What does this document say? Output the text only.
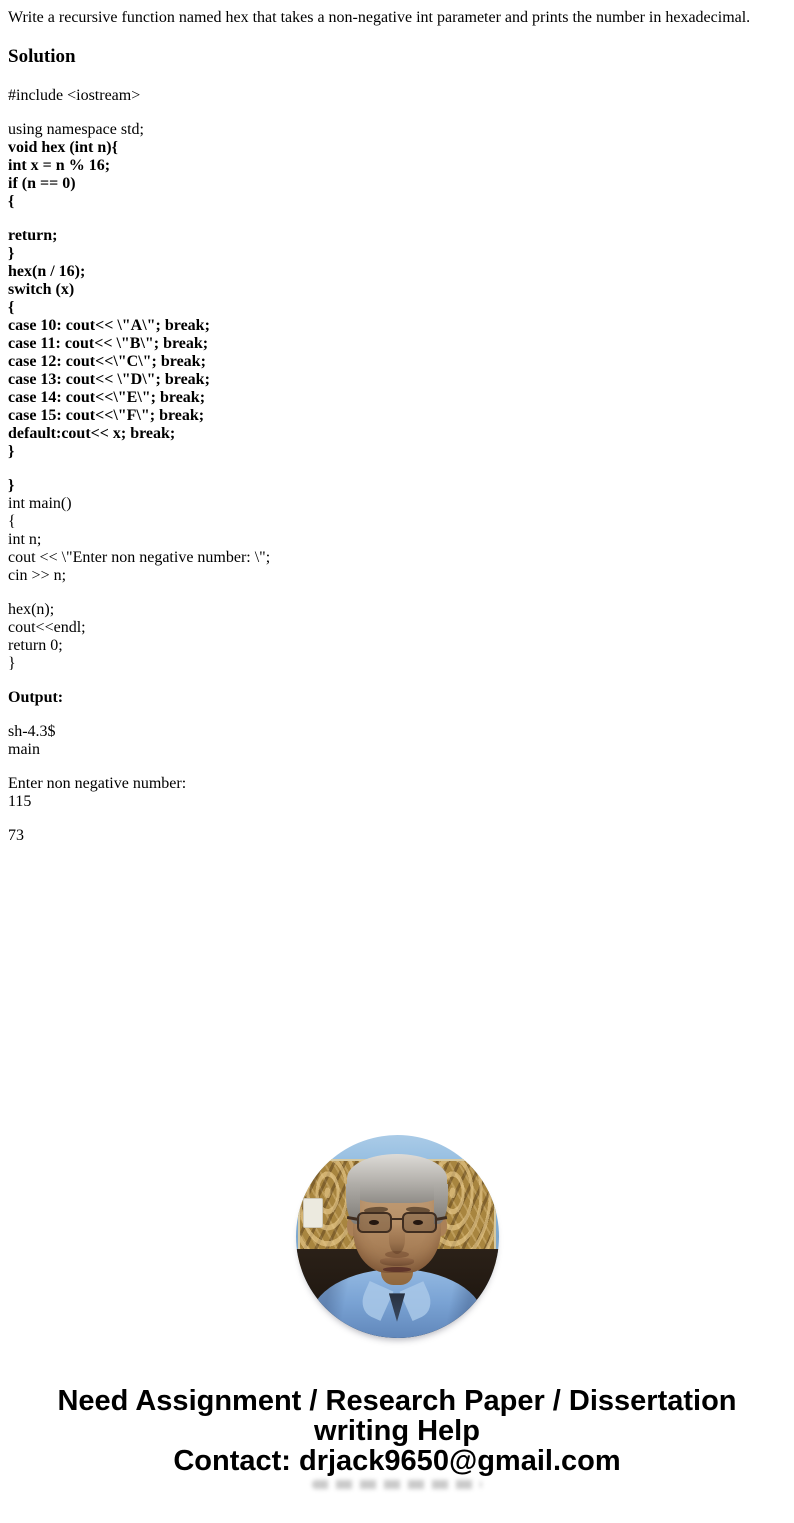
Write a recursive function named hex that takes a non-negative int parameter and prints the number in hexadecimal.

Solution

#include <iostream>

using namespace std;
void hex (int n){
int x = n % 16;
if (n == 0)
{
return;
}
hex(n / 16);
switch (x)
{
case 10: cout<< \"A\"; break;
case 11: cout<< \"B\"; break;
case 12: cout<<\"C\"; break;
case 13: cout<< \"D\"; break;
case 14: cout<<\"E\"; break;
case 15: cout<<\"F\"; break;
default:cout<< x; break;
}
}
int main()
{
int n;
cout << \"Enter non negative number: \";
cin >> n;
hex(n);
cout<<endl;
return 0;
}

Output:

sh-4.3$
main
Enter non negative number:
115
73
Need Assignment / Research Paper / Dissertation
writing Help
Contact: drjack9650@gmail.com
